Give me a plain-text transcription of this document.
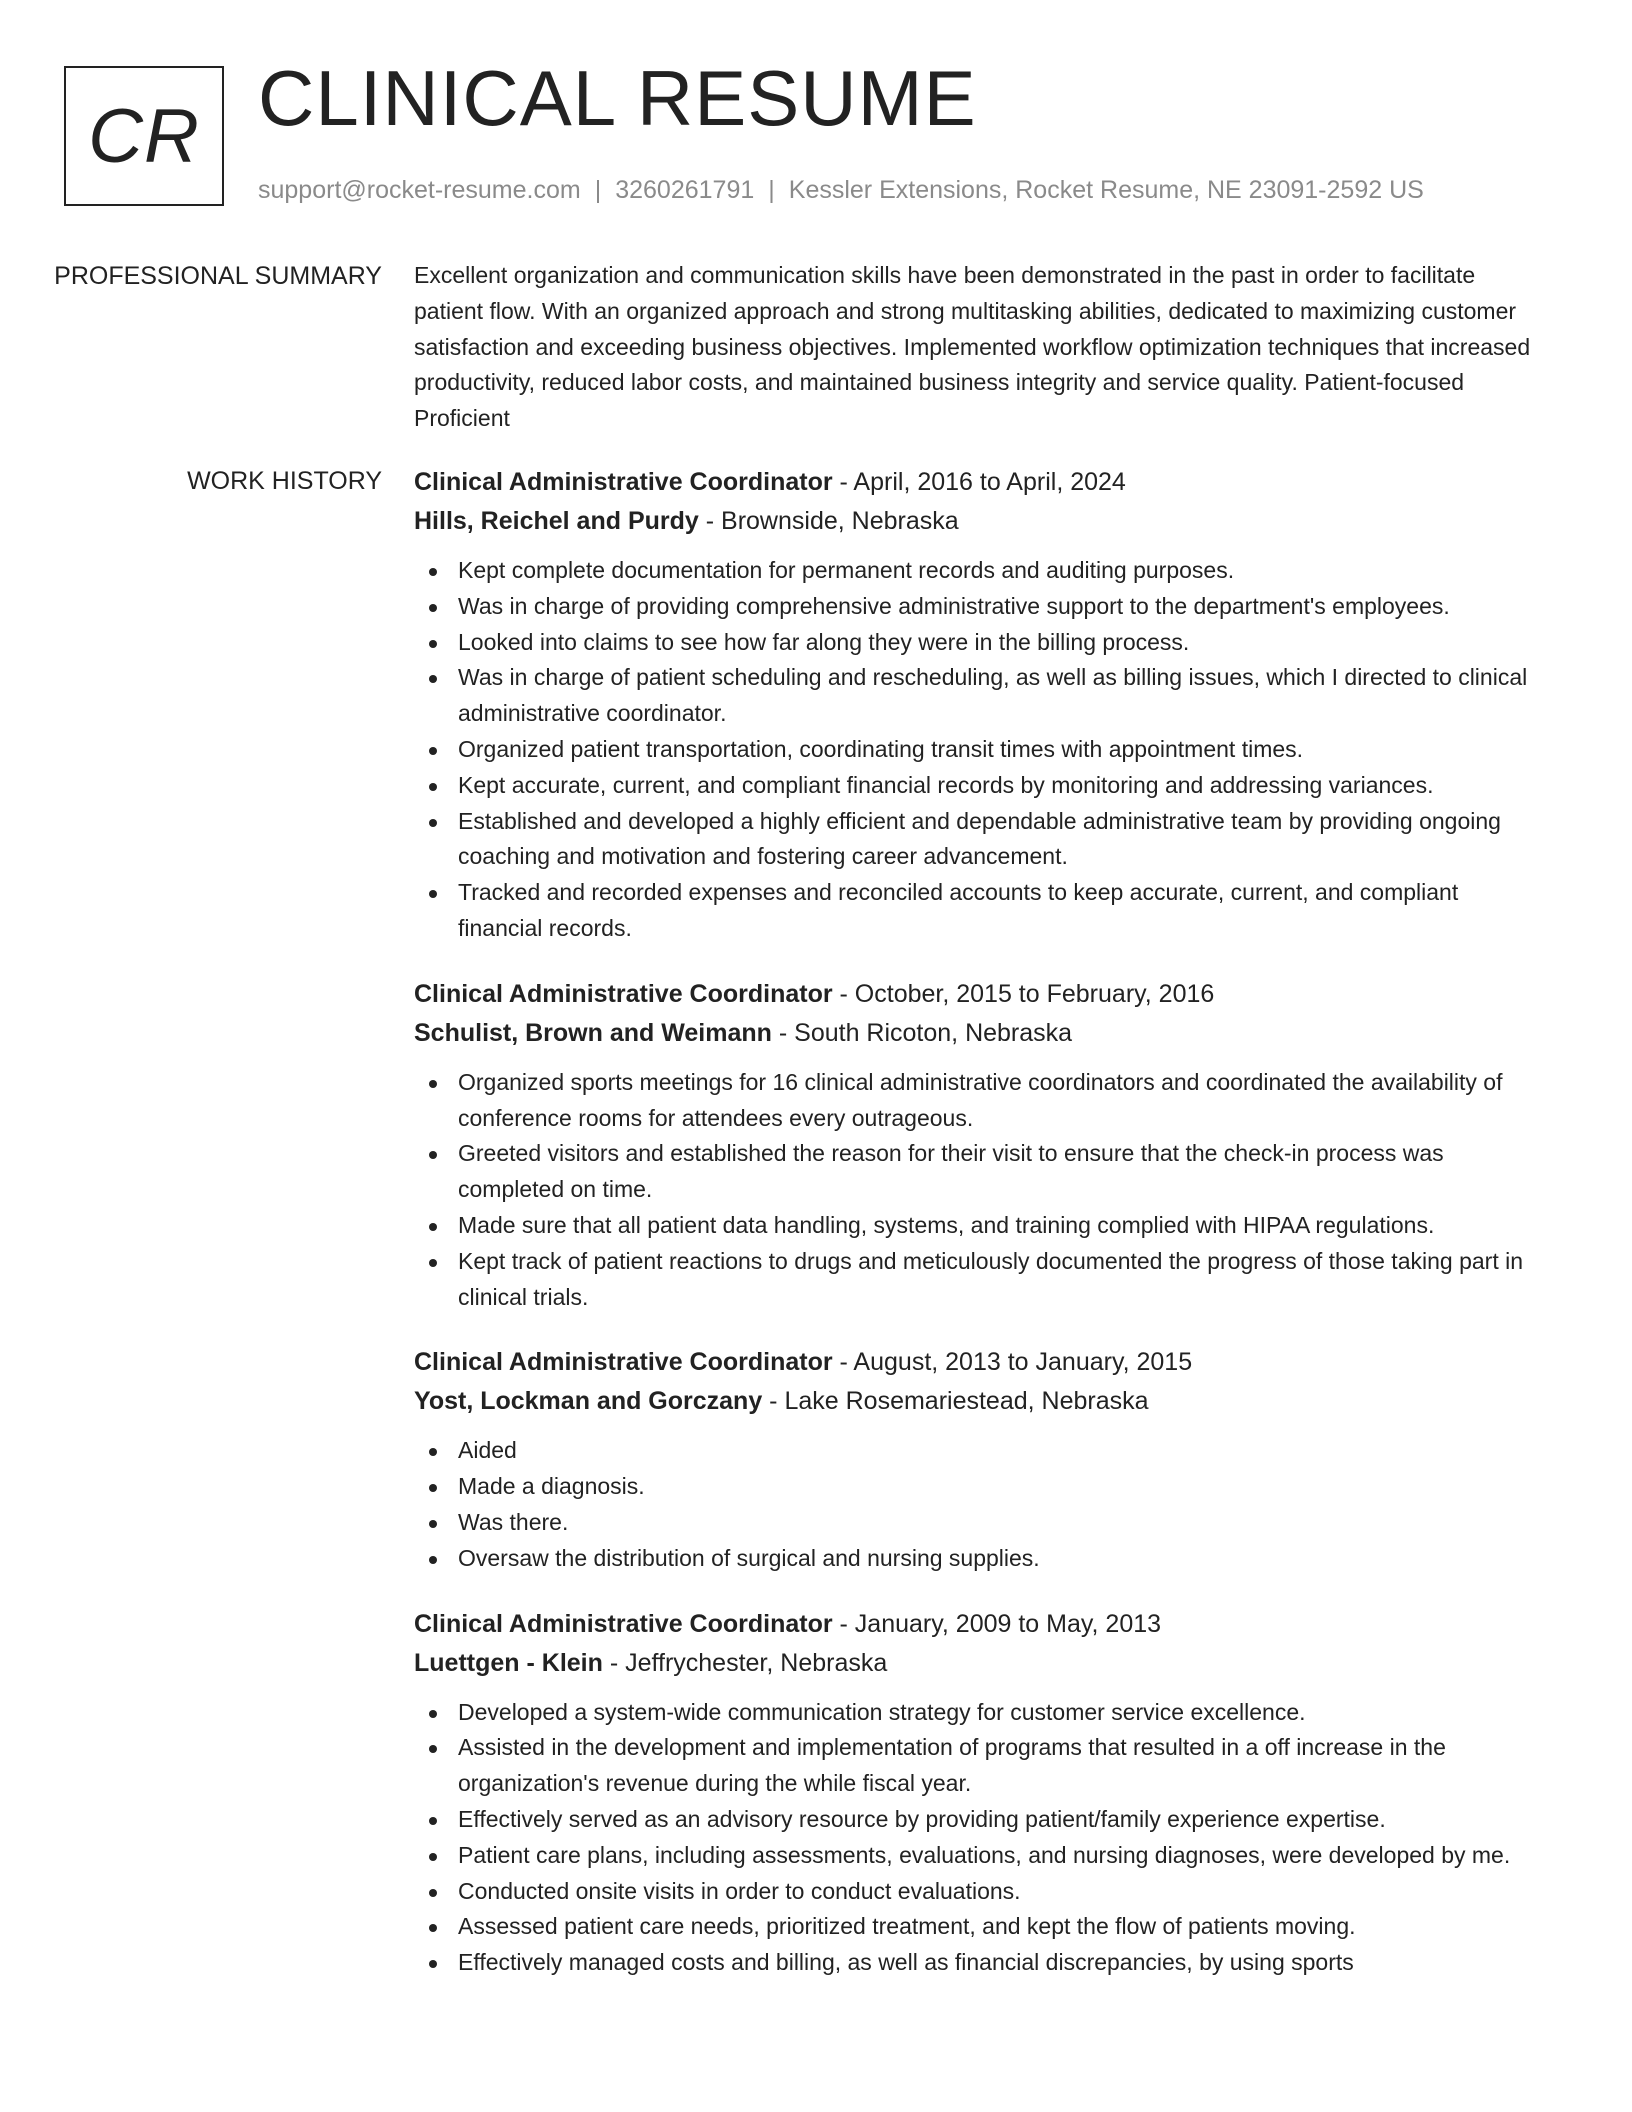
CR CLINICAL RESUME
support@rocket-resume.com | 3260261791 | Kessler Extensions, Rocket Resume, NE 23091-2592 US
PROFESSIONAL SUMMARY	Excellent organization and communication skills have been demonstrated in the past in order to facilitate patient flow. With an organized approach and strong multitasking abilities, dedicated to maximizing customer satisfaction and exceeding business objectives. Implemented workflow optimization techniques that increased productivity, reduced labor costs, and maintained business integrity and service quality. Patient-focused Proficient

WORK HISTORY	Clinical Administrative Coordinator - April, 2016 to April, 2024
Hills, Reichel and Purdy - Brownside, Nebraska
Kept complete documentation for permanent records and auditing purposes.
Was in charge of providing comprehensive administrative support to the department's employees.
Looked into claims to see how far along they were in the billing process.
Was in charge of patient scheduling and rescheduling, as well as billing issues, which I directed to clinical administrative coordinator.
Organized patient transportation, coordinating transit times with appointment times.
Kept accurate, current, and compliant financial records by monitoring and addressing variances.
Established and developed a highly efficient and dependable administrative team by providing ongoing coaching and motivation and fostering career advancement.
Tracked and recorded expenses and reconciled accounts to keep accurate, current, and compliant financial records.
Clinical Administrative Coordinator - October, 2015 to February, 2016
Schulist, Brown and Weimann - South Ricoton, Nebraska
Organized sports meetings for 16 clinical administrative coordinators and coordinated the availability of conference rooms for attendees every outrageous.
Greeted visitors and established the reason for their visit to ensure that the check-in process was completed on time.
Made sure that all patient data handling, systems, and training complied with HIPAA regulations.
Kept track of patient reactions to drugs and meticulously documented the progress of those taking part in clinical trials.
Clinical Administrative Coordinator - August, 2013 to January, 2015
Yost, Lockman and Gorczany - Lake Rosemariestead, Nebraska
Aided
Made a diagnosis.
Was there.
Oversaw the distribution of surgical and nursing supplies.
Clinical Administrative Coordinator - January, 2009 to May, 2013
Luettgen - Klein - Jeffrychester, Nebraska
Developed a system-wide communication strategy for customer service excellence.
Assisted in the development and implementation of programs that resulted in a off increase in the organization's revenue during the while fiscal year.
Effectively served as an advisory resource by providing patient/family experience expertise.
Patient care plans, including assessments, evaluations, and nursing diagnoses, were developed by me.
Conducted onsite visits in order to conduct evaluations.
Assessed patient care needs, prioritized treatment, and kept the flow of patients moving.
Effectively managed costs and billing, as well as financial discrepancies, by using sports
